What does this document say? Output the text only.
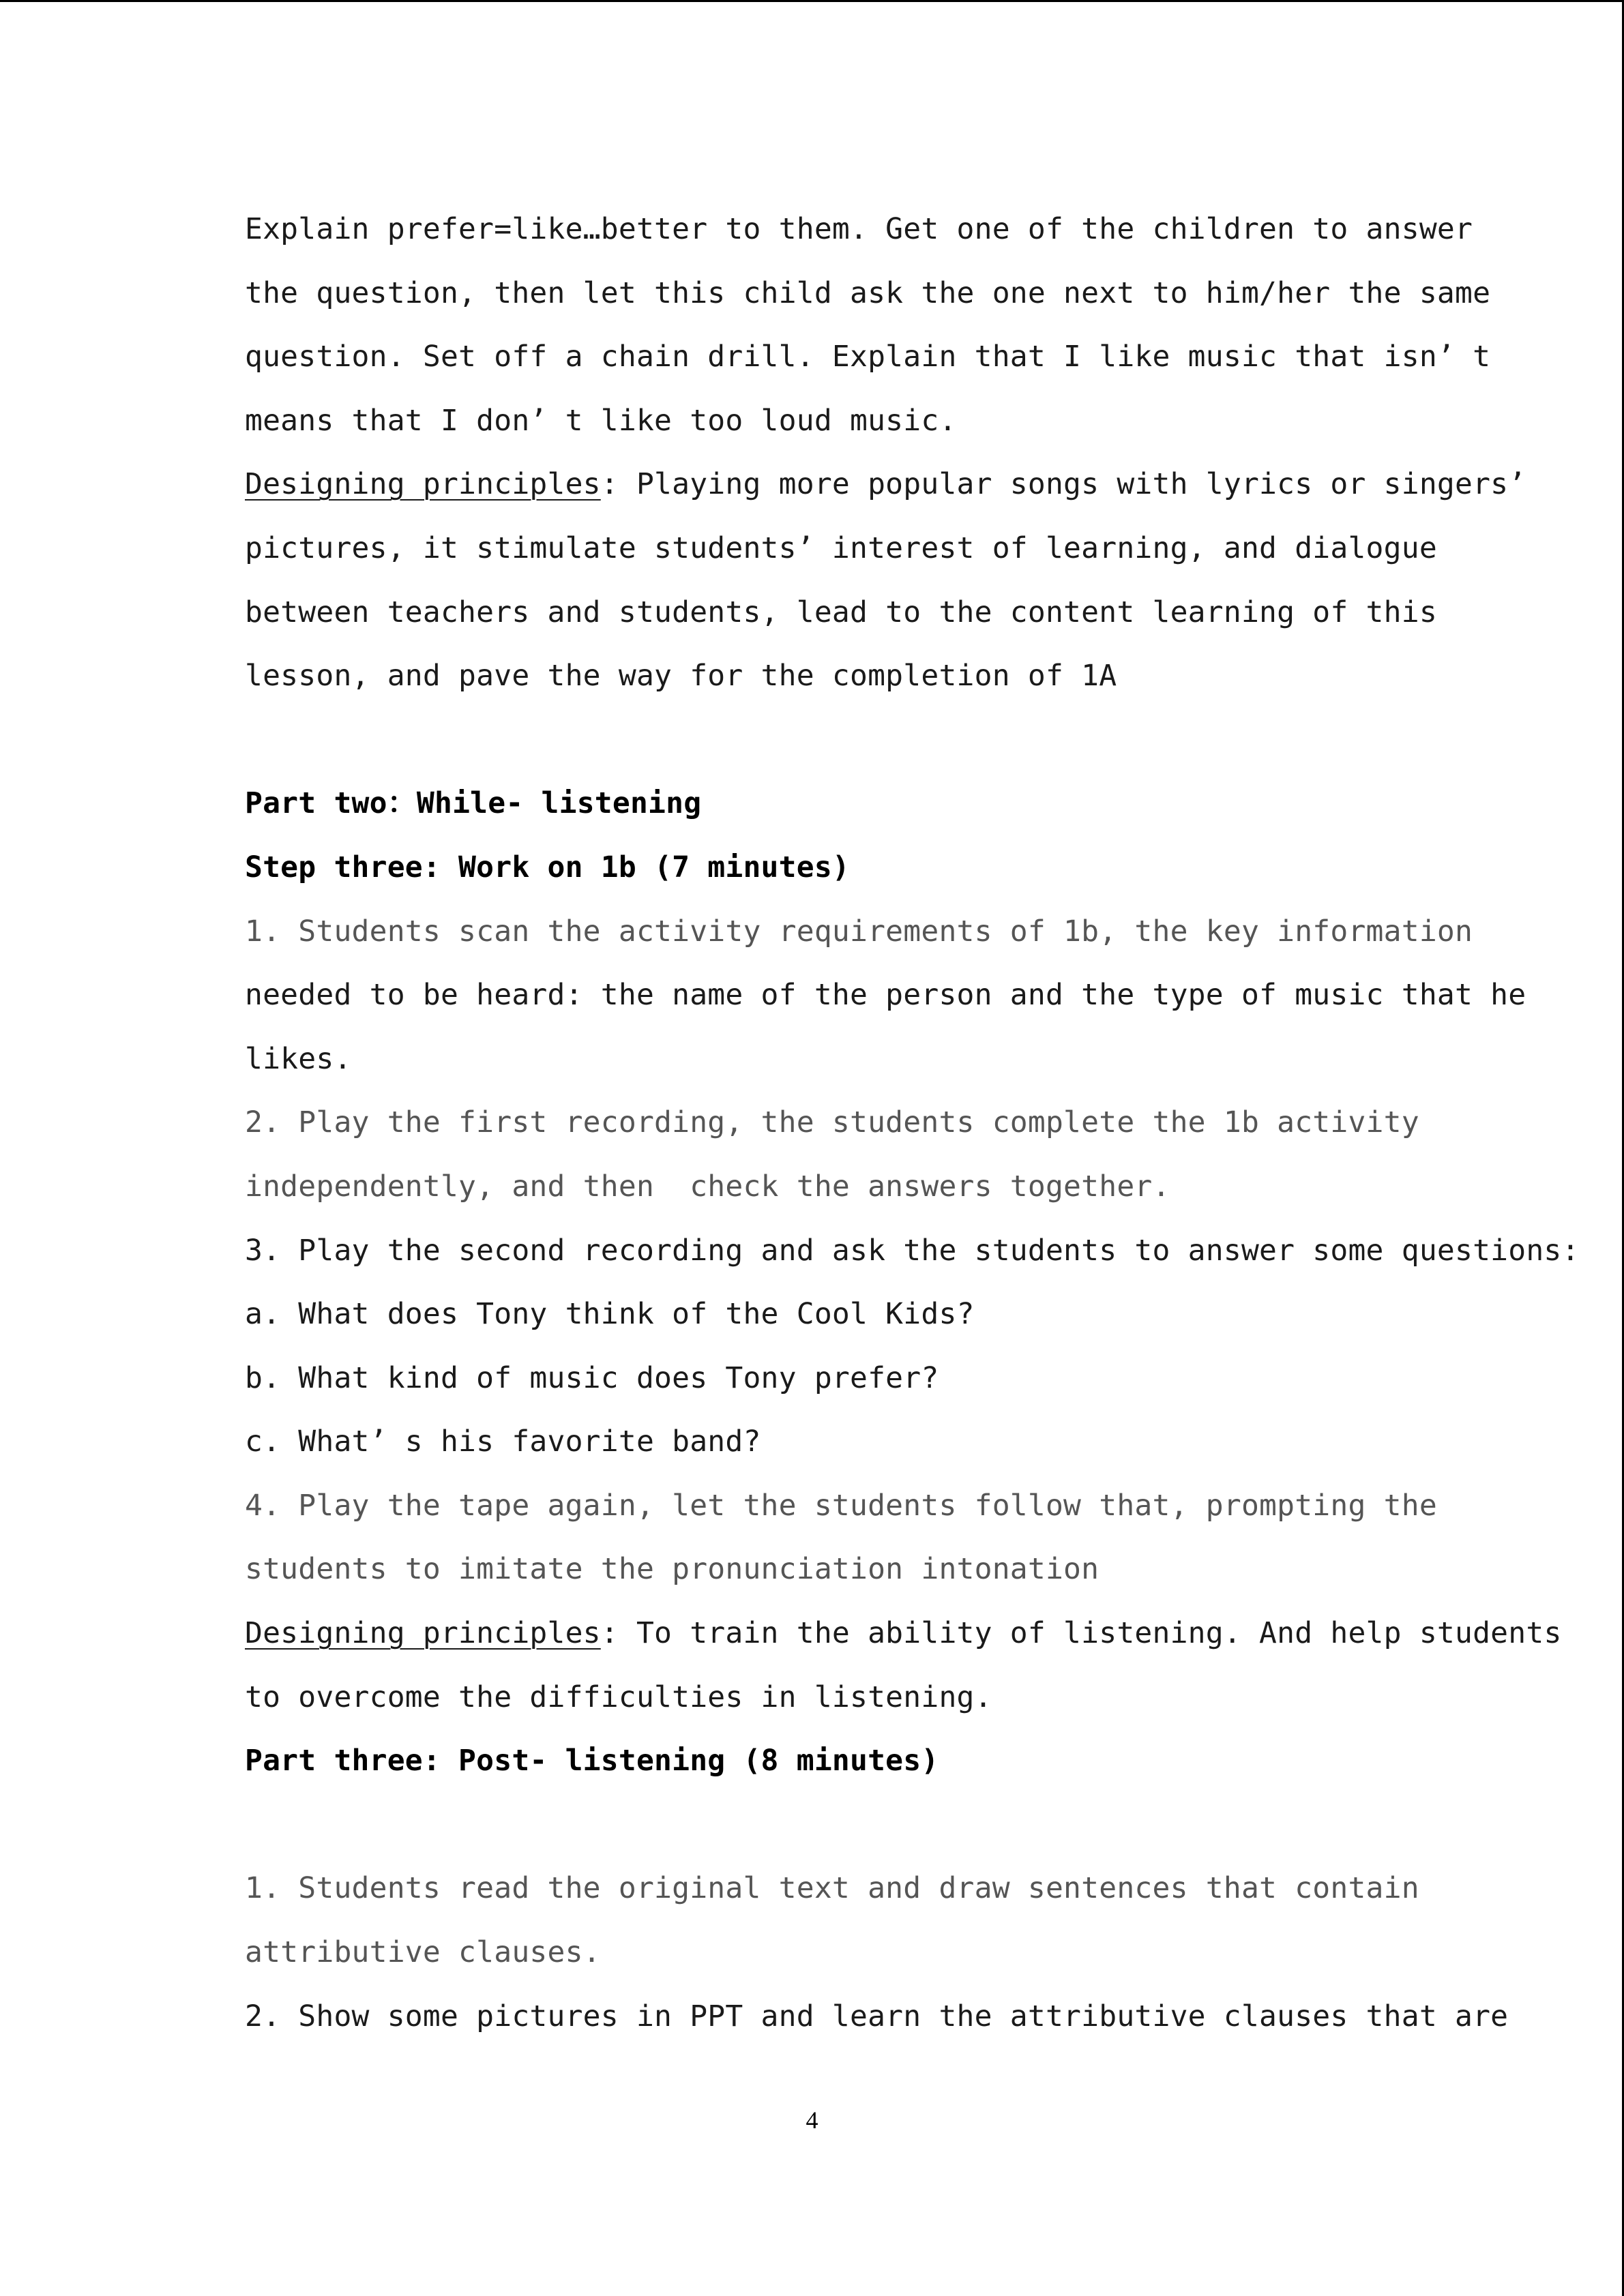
Explain prefer=like…better to them. Get one of the children to answer
the question, then let this child ask the one next to him/her the same
question. Set off a chain drill. Explain that I like music that isn’ t
means that I don’ t like too loud music.
Designing principles: Playing more popular songs with lyrics or singers’
pictures, it stimulate students’ interest of learning, and dialogue
between teachers and students, lead to the content learning of this
lesson, and pave the way for the completion of 1A
Part two：While- listening
Step three: Work on 1b (7 minutes)
1. Students scan the activity requirements of 1b, the key information
needed to be heard: the name of the person and the type of music that he
likes.
2. Play the first recording, the students complete the 1b activity
independently, and then  check the answers together.
3. Play the second recording and ask the students to answer some questions:
a. What does Tony think of the Cool Kids?
b. What kind of music does Tony prefer?
c. What’ s his favorite band?
4. Play the tape again, let the students follow that, prompting the
students to imitate the pronunciation intonation
Designing principles: To train the ability of listening. And help students
to overcome the difficulties in listening.
Part three: Post- listening (8 minutes)
1. Students read the original text and draw sentences that contain
attributive clauses.
2. Show some pictures in PPT and learn the attributive clauses that are
4
